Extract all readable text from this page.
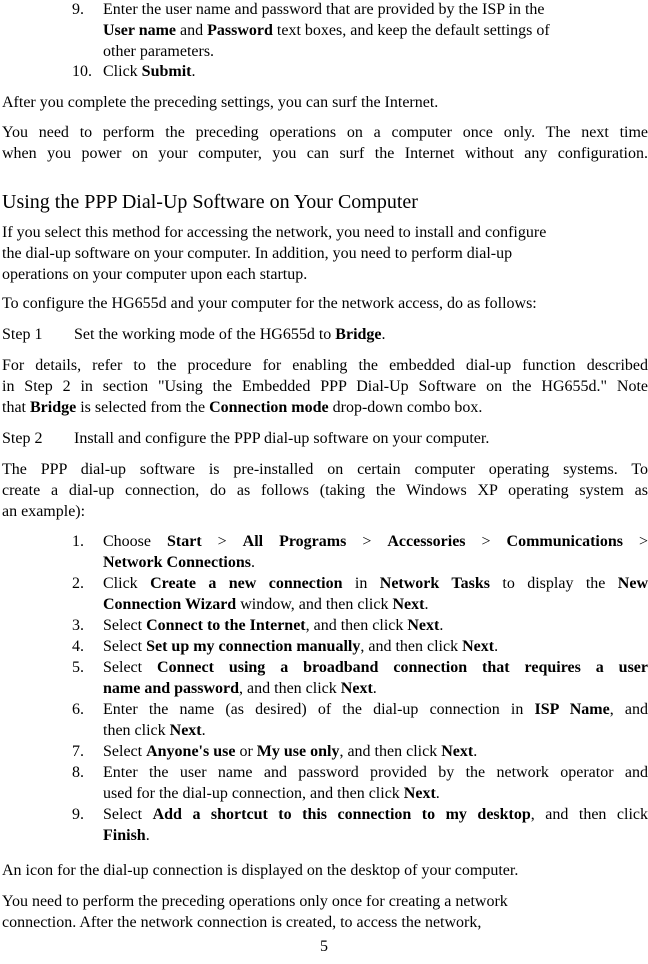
9. Enter the user name and password that are provided by the ISP in the
User name and Password text boxes, and keep the default settings of
other parameters.
10. Click Submit.

After you complete the preceding settings, you can surf the Internet.

You need to perform the preceding operations on a computer once only. The next time
when you power on your computer, you can surf the Internet without any configuration.
Using the PPP Dial-Up Software on Your Computer
If you select this method for accessing the network, you need to install and configure
the dial-up software on your computer. In addition, you need to perform dial-up
operations on your computer upon each startup.

To configure the HG655d and your computer for the network access, do as follows:

Step 1 Set the working mode of the HG655d to Bridge.
For details, refer to the procedure for enabling the embedded dial-up function described
in Step 2 in section "Using the Embedded PPP Dial-Up Software on the HG655d." Note
that Bridge is selected from the Connection mode drop-down combo box.
Step 2 Install and configure the PPP dial-up software on your computer.
The PPP dial-up software is pre-installed on certain computer operating systems. To
create a dial-up connection, do as follows (taking the Windows XP operating system as
an example):
1. Choose Start > All Programs > Accessories > Communications >
Network Connections.
2. Click Create a new connection in Network Tasks to display the New
Connection Wizard window, and then click Next.
3. Select Connect to the Internet, and then click Next.
4. Select Set up my connection manually, and then click Next.
5. Select Connect using a broadband connection that requires a user
name and password, and then click Next.
6. Enter the name (as desired) of the dial-up connection in ISP Name, and
then click Next.
7. Select Anyone's use or My use only, and then click Next.
8. Enter the user name and password provided by the network operator and
used for the dial-up connection, and then click Next.
9. Select Add a shortcut to this connection to my desktop, and then click
Finish.

An icon for the dial-up connection is displayed on the desktop of your computer.

You need to perform the preceding operations only once for creating a network
connection. After the network connection is created, to access the network,
5
